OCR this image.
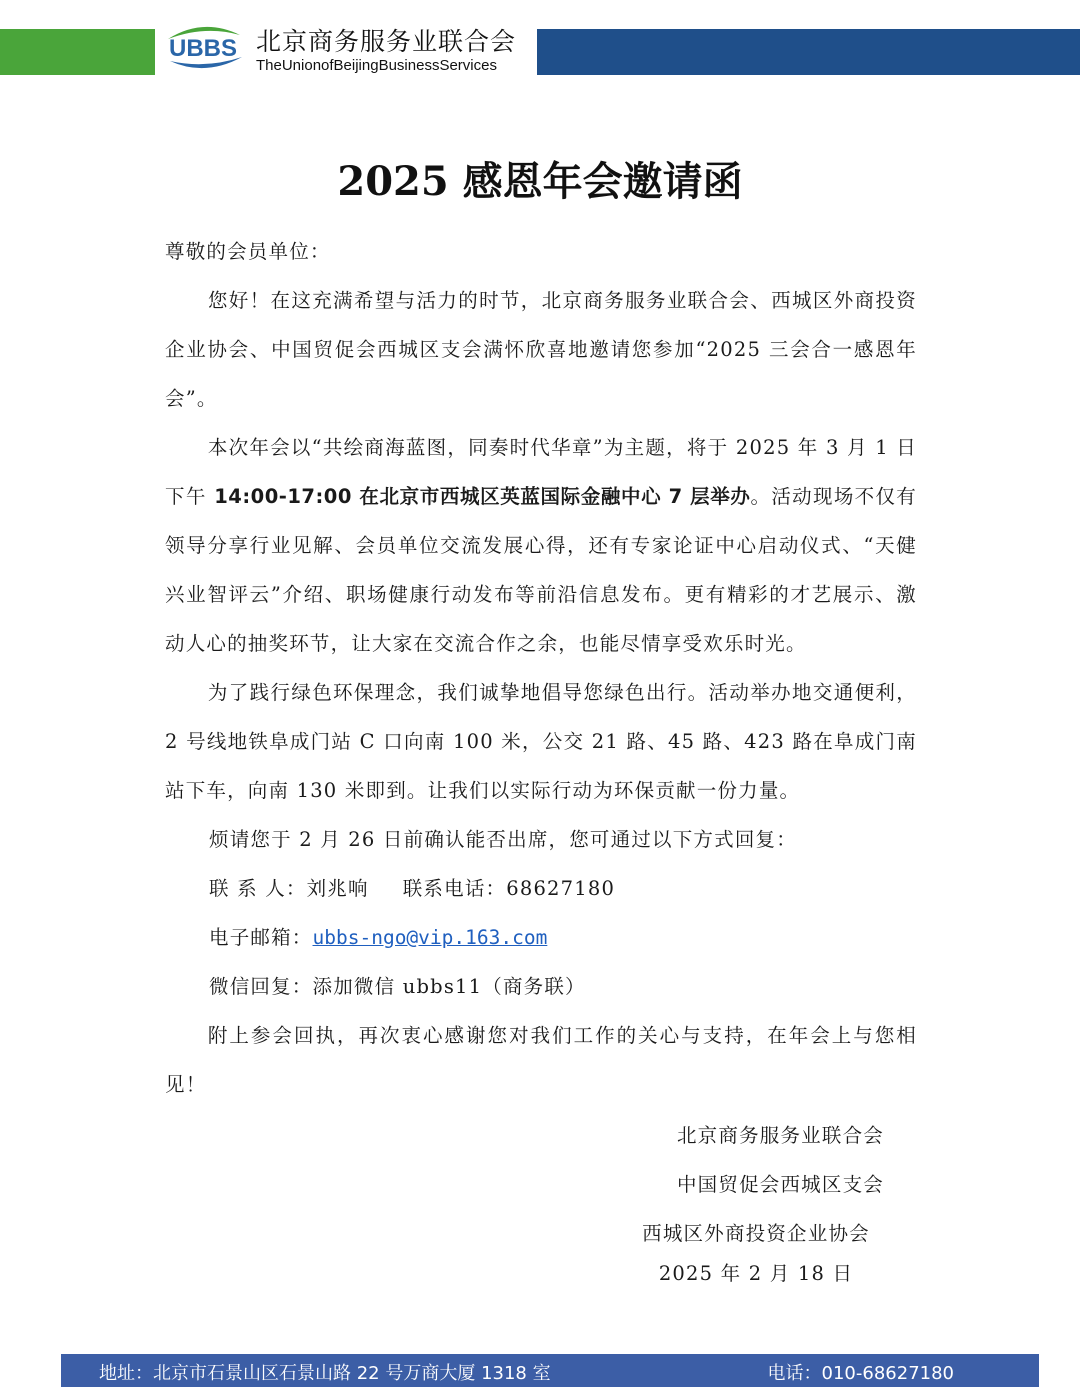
UBBS 北京商务服务业联合会
TheUnionofBeijingBusinessServices
2025 感恩年会邀请函

尊敬的会员单位：

您好！在这充满希望与活力的时节，北京商务服务业联合会、西城区外商投资企业协会、中国贸促会西城区支会满怀欣喜地邀请您参加“2025 三会合一感恩年会”。

本次年会以“共绘商海蓝图，同奏时代华章”为主题，将于 2025 年 3 月 1 日下午 14:00-17:00 在北京市西城区英蓝国际金融中心 7 层举办。活动现场不仅有领导分享行业见解、会员单位交流发展心得，还有专家论证中心启动仪式、“天健兴业智评云”介绍、职场健康行动发布等前沿信息发布。更有精彩的才艺展示、激动人心的抽奖环节，让大家在交流合作之余，也能尽情享受欢乐时光。

为了践行绿色环保理念，我们诚挚地倡导您绿色出行。活动举办地交通便利，2 号线地铁阜成门站 C 口向南 100 米，公交 21 路、45 路、423 路在阜成门南站下车，向南 130 米即到。让我们以实际行动为环保贡献一份力量。

烦请您于 2 月 26 日前确认能否出席，您可通过以下方式回复：

联 系 人：刘兆响 联系电话：68627180

电子邮箱：ubbs-ngo@vip.163.com

微信回复：添加微信 ubbs11（商务联）

附上参会回执，再次衷心感谢您对我们工作的关心与支持，在年会上与您相见！

北京商务服务业联合会
中国贸促会西城区支会
西城区外商投资企业协会
2025 年 2 月 18 日
地址：北京市石景山区石景山路 22 号万商大厦 1318 室	电话：010-68627180
